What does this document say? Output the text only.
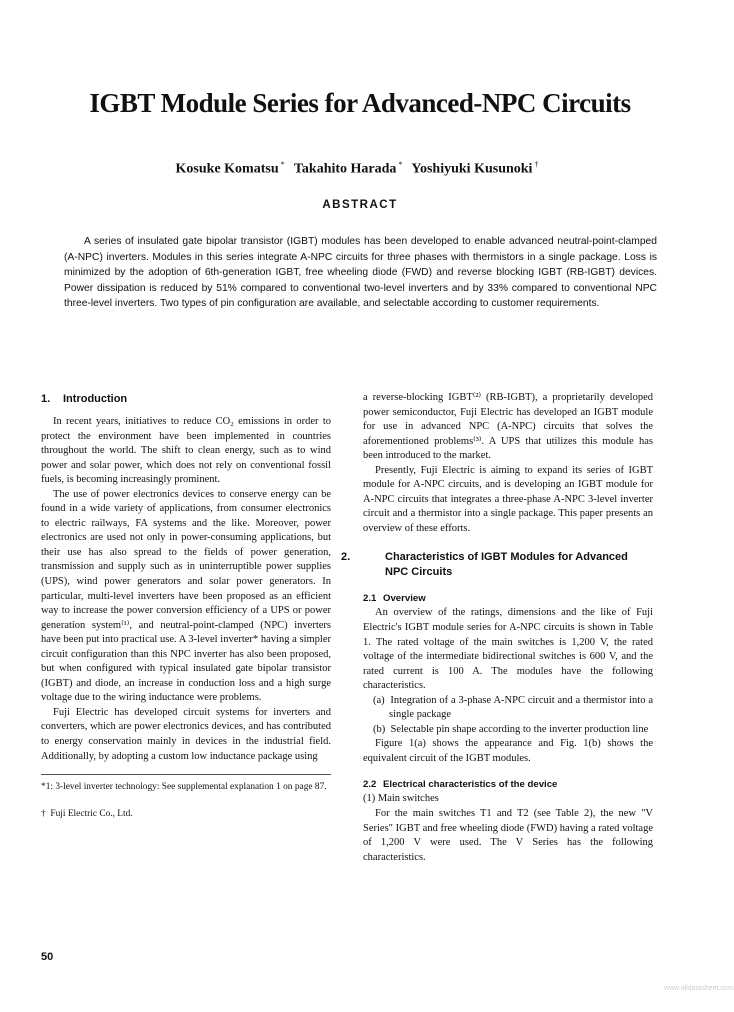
IGBT Module Series for Advanced-NPC Circuits
Kosuke Komatsu * Takahito Harada * Yoshiyuki Kusunoki †
ABSTRACT

A series of insulated gate bipolar transistor (IGBT) modules has been developed to enable advanced neutral-point-clamped (A-NPC) inverters. Modules in this series integrate A-NPC circuits for three phases with thermistors in a single package. Loss is minimized by the adoption of 6th-generation IGBT, free wheeling diode (FWD) and reverse blocking IGBT (RB-IGBT) devices. Power dissipation is reduced by 51% compared to conventional two-level inverters and by 33% compared to conventional NPC three-level inverters. Two types of pin configuration are available, and selectable according to customer requirements.

1. Introduction

In recent years, initiatives to reduce CO₂ emissions in order to protect the environment have been implemented in countries throughout the world. The shift to clean energy, such as to wind power and solar power, which does not rely on conventional fossil fuels, is becoming increasingly prominent.

The use of power electronics devices to conserve energy can be found in a wide variety of applications, from consumer electronics to electric railways, FA systems and the like. Moreover, power electronics are used not only in power-consuming applications, but their use has also spread to the fields of power generation, transmission and supply such as in uninterruptible power supplies (UPS), wind power generators and solar power generators. In particular, multi-level inverters have been proposed as an efficient way to increase the power conversion efficiency of a UPS or power generation system⁽¹⁾, and neutral-point-clamped (NPC) inverters have been put into practical use. A 3-level inverter* having a simpler circuit configuration than this NPC inverter has also been proposed, but when configured with typical insulated gate bipolar transistor (IGBT) and diode, an increase in conduction loss and a high surge voltage due to the wiring inductance were problems.

Fuji Electric has developed circuit systems for inverters and converters, which are power electronics devices, and has contributed to energy conservation mainly in devices in the industrial field. Additionally, by adopting a custom low inductance package using

*1: 3-level inverter technology: See supplemental explanation 1 on page 87.

† Fuji Electric Co., Ltd.

a reverse-blocking IGBT⁽²⁾ (RB-IGBT), a proprietarily developed power semiconductor, Fuji Electric has developed an IGBT module for use in advanced NPC (A-NPC) circuits that solves the aforementioned problems⁽³⁾. A UPS that utilizes this module has been introduced to the market.

Presently, Fuji Electric is aiming to expand its series of IGBT module for A-NPC circuits, and is developing an IGBT module for A-NPC circuits that integrates a three-phase A-NPC 3-level inverter circuit and a thermistor into a single package. This paper presents an overview of these efforts.

2.	Characteristics of IGBT Modules for Advanced NPC Circuits
2.1 Overview

An overview of the ratings, dimensions and the like of Fuji Electric's IGBT module series for A-NPC circuits is shown in Table 1. The rated voltage of the main switches is 1,200 V, the rated voltage of the intermediate bidirectional switches is 600 V, and the rated current is 100 A. The modules have the following characteristics.

(a) Integration of a 3-phase A-NPC circuit and a thermistor into a single package

(b) Selectable pin shape according to the inverter production line

Figure 1(a) shows the appearance and Fig. 1(b) shows the equivalent circuit of the IGBT modules.

2.2 Electrical characteristics of the device

(1) Main switches

For the main switches T1 and T2 (see Table 2), the new "V Series" IGBT and free wheeling diode (FWD) having a rated voltage of 1,200 V were used. The V Series has the following characteristics.

50
www.alldatasheet.com
